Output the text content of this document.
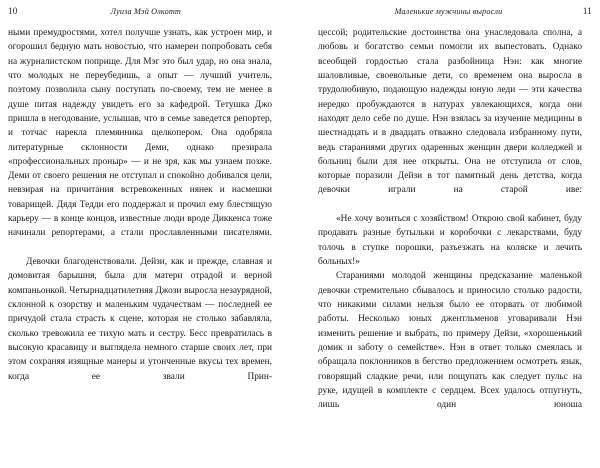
10	Луиза Мэй Олкотт

ными премудростями, хотел получше узнать, как устроен мир, и огорошил бедную мать новостью, что намерен попробовать себя на журналистском поприще. Для Мэг это был удар, но она знала, что молодых не переубедишь, а опыт — лучший учитель, поэтому позволила сыну поступать по-своему, тем не менее в душе питая надежду увидеть его за кафедрой. Тетушка Джо пришла в негодование, услышав, что в семье заведется репортер, и тотчас нарекла племянника щелкопером. Она одобряла литературные склонности Деми, однако презирала «профессиональных проныр» — и не зря, как мы узнаем позже. Деми от своего решения не отступал и спокойно добивался цели, невзирая на причитания встревоженных нянек и насмешки товарищей. Дядя Тедди его поддержал и прочил ему блестящую карьеру — в конце концов, известные люди вроде Диккенса тоже начинали репортерами, а стали прославленными писателями.

Девочки благоденствовали. Дейзи, как и прежде, славная и домовитая барышня, была для матери отрадой и верной компаньонкой. Четырнадцатилетняя Джози выросла незаурядной, склонной к озорству и маленьким чудачествам — последней ее причудой стала страсть к сцене, которая не столько забавляла, сколько тревожила ее тихую мать и сестру. Бесс превратилась в высокую красавицу и выглядела немного старше своих лет, при этом сохраняя изящные манеры и утонченные вкусы тех времен, когда ее звали Прин-

Маленькие мужчины выросли	11

цессой; родительские достоинства она унаследовала сполна, а любовь и богатство семьи помогли их выпестовать. Однако всеобщей гордостью стала разбойница Нэн: как многие шаловливые, своевольные дети, со временем она выросла в трудолюбивую, подающую надежды юную леди — эти качества нередко пробуждаются в натурах увлекающихся, когда они находят дело себе по душе. Нэн взялась за изучение медицины в шестнадцать и в двадцать отважно следовала избранному пути, ведь стараниями других одаренных женщин двери колледжей и больниц были для нее открыты. Она не отступила от слов, которые поразили Дейзи в тот памятный день детства, когда девочки играли на старой иве:

«Не хочу возиться с хозяйством! Открою свой кабинет, буду продавать разные бутыльки и коробочки с лекарствами, буду толочь в ступке порошки, разъезжать на коляске и лечить больных!»

Стараниями молодой женщины предсказание маленькой девочки стремительно сбывалось и приносило столько радости, что никакими силами нельзя было ее оторвать от любимой работы. Несколько юных джентльменов уговаривали Нэн изменить решение и выбрать, по примеру Дейзи, «хорошенький домик и заботу о семействе». Нэн в ответ только смеялась и обращала поклонников в бегство предложением осмотреть язык, говорящий сладкие речи, или пощупать как следует пульс на руке, идущей в комплекте с сердцем. Всех удалось отпугнуть, лишь один юноша
